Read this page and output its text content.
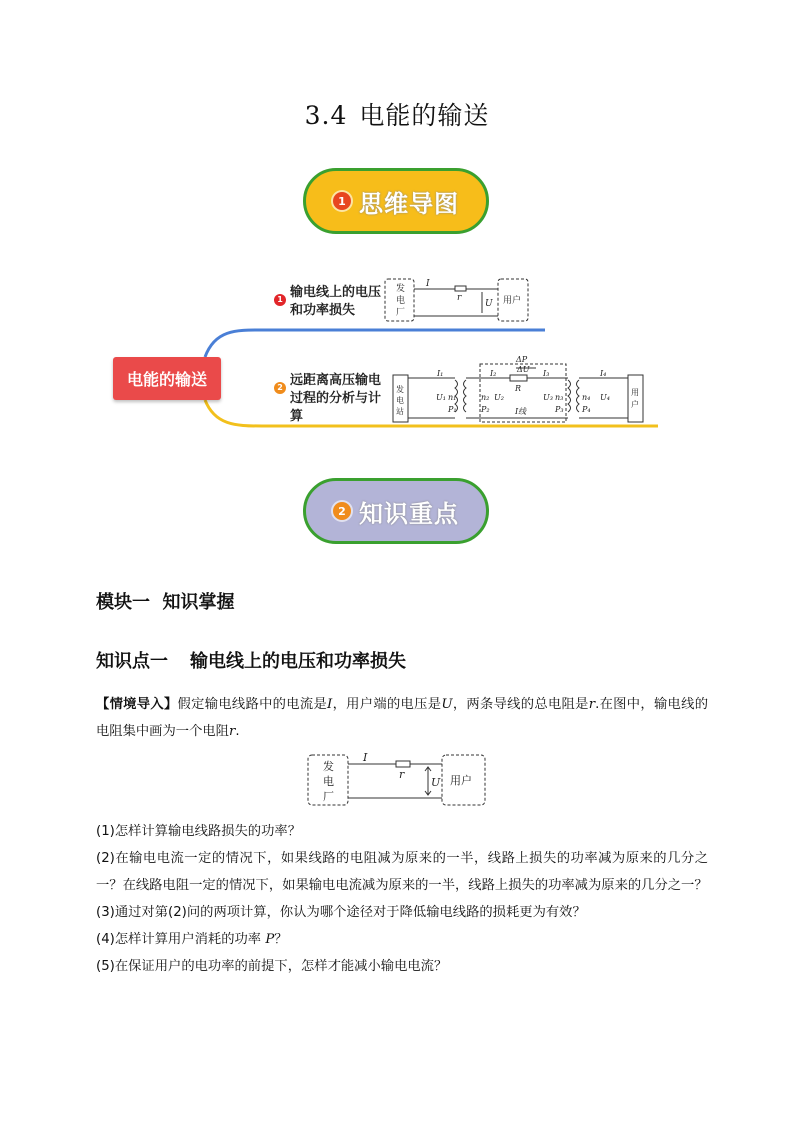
3.4 电能的输送
1 思维导图
发
电
厂
用户
I
r
U
发
电
站
用
户
I₁
U₁ n₁
P₁
I₂
n₂ U₂
P₂
ΔP
ΔU
R
I线
I₃
U₃ n₃
P₃
I₄
n₄ U₄
P₄
电能的输送
1 输电线上的电压和功率损失
2 远距离高压输电过程的分析与计算
2 知识重点
模块一  知识掌握
知识点一 输电线上的电压和功率损失
【情境导入】假定输电线路中的电流是I，用户端的电压是U，两条导线的总电阻是r.在图中，输电线的电阻集中画为一个电阻r.
发
电
厂
用户
I
r
U

(1)怎样计算输电线路损失的功率？

(2)在输电电流一定的情况下，如果线路的电阻减为原来的一半，线路上损失的功率减为原来的几分之一？在线路电阻一定的情况下，如果输电电流减为原来的一半，线路上损失的功率减为原来的几分之一？

(3)通过对第(2)问的两项计算，你认为哪个途径对于降低输电线路的损耗更为有效？

(4)怎样计算用户消耗的功率 P？

(5)在保证用户的电功率的前提下，怎样才能减小输电电流？
